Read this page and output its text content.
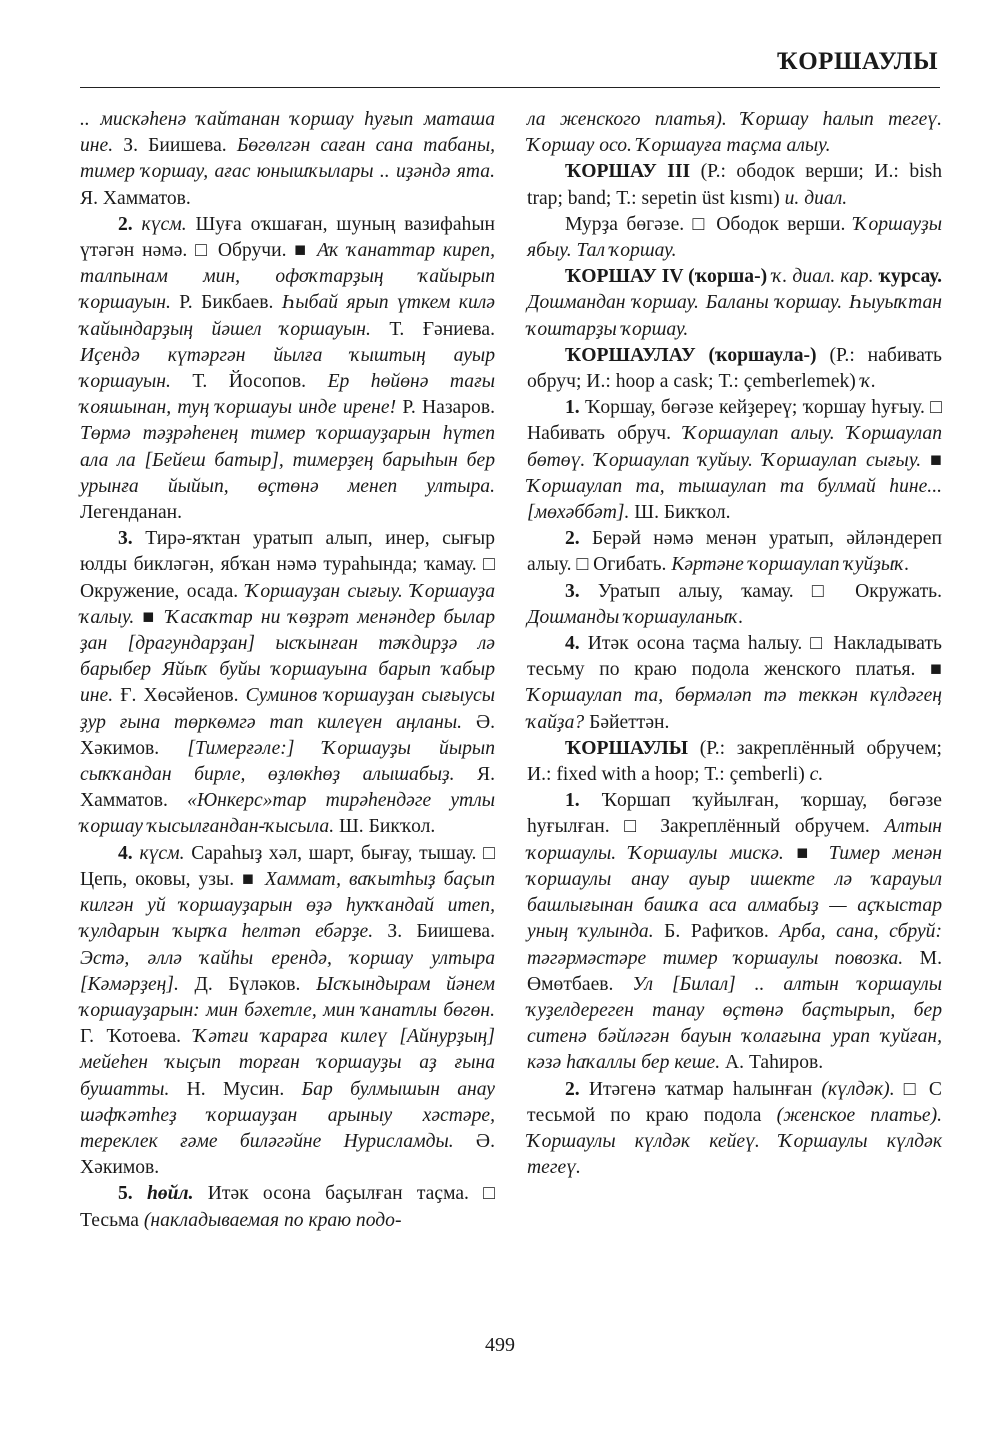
ҠОРШАУЛЫ

.. мискәһенә ҡайтанан ҡоршау һуғып маташа ине. З. Биишева. Бөгөлгән саған сана табаны, тимер ҡоршау, ағас юнышҡылары .. иҙәндә ята. Я. Хамматов.

2. күсм. Шуға оҡшаған, шуның вазифаһын үтәгән нәмә. □ Обручи. ■ Аҡ ҡанаттар киреп, талпынам мин, офоҡтарҙың ҡайырып ҡоршауын. Р. Бикбаев. Һыбай ярып үткем килә ҡайындарҙың йәшел ҡоршауын. Т. Ғәниева. Иҫендә күтәргән йылға ҡыштың ауыр ҡоршауын. Т. Йосопов. Ер һөйөнә тағы ҡояшынан, туң ҡоршауы инде ирене! Р. Назаров. Төрмә тәҙрәһенең тимер ҡоршауҙарын һүтеп ала ла [Бейеш батыр], тимерҙең барыһын бер урынға йыйып, өҫтөнә менеп ултыра. Легенданан.

3. Тирә-яҡтан уратып алып, инер, сығыр юлды бикләгән, ябҡан нәмә тураһында; ҡамау. □ Окружение, осада. Ҡоршауҙан сығыу. Ҡоршауҙа ҡалыу. ■ Ҡасаҡтар ни ҡөҙрәт менәндер былар ҙан [драгундарҙан] ысҡынған тәҡдирҙә лә барыбер Яйыҡ буйы ҡоршауына барып ҡабыр ине. Ғ. Хөсәйенов. Суминов ҡоршауҙан сығыусы ҙур ғына төркөмгә тап килеүен аңланы. Ә. Хәкимов. [Тимерғәле:] Ҡоршауҙы йырып сыҡҡандан бирле, өҙлөкһөҙ алышабыҙ. Я. Хамматов. «Юнкерс»тар тирәһендәге утлы ҡоршау ҡысылғандан-ҡысыла. Ш. Бикҡол.

4. күсм. Сараһыҙ хәл, шарт, бығау, тышау. □ Цепь, оковы, узы. ■ Хаммат, ваҡытһыҙ баҫып килгән уй ҡоршауҙарын өҙә һуҡҡандай итеп, ҡулдарын ҡырҡа һелтәп ебәрҙе. З. Биишева. Эстә, әллә ҡайһы ерендә, ҡоршау ултыра [Кәмәрҙең]. Д. Бүләков. Ысҡындырам йәнем ҡоршауҙарын: мин бәхетле, мин ҡанатлы бөгөн. Г. Ҡотоева. Ҡәтғи ҡарарға килеү [Айнурҙың] мейеһен ҡыҫып торған ҡоршауҙы аҙ ғына бушатты. Н. Мусин. Бар булмышын анау шәфҡәтһеҙ ҡоршауҙан арыныу хәстәре, тереклек ғәме биләгәйне Нурисламды. Ә. Хәкимов.

5. һөйл. Итәк осона баҫылған таҫма. □ Тесьма (накладываемая по краю подо-

ла женского платья). Ҡоршау һалып тегеү. Ҡоршау осо. Ҡоршауға таҫма алыу.

ҠОРШАУ III (Р.: ободок верши; И.: bish trap; band; Т.: sepetin üst kısmı) и. диал.

Мурҙа бөгәзе. □ Ободок верши. Ҡоршауҙы ябыу. Тал ҡоршау.

ҠОРШАУ IV (ҡорша-) ҡ. диал. кар. ҡурсау. Дошмандан ҡоршау. Баланы ҡоршау. Һыуыҡтан ҡоштарҙы ҡоршау.

ҠОРШАУЛАУ (ҡоршаула-) (Р.: набивать обруч; И.: hoop a cask; Т.: çemberlemek) ҡ.

1. Ҡоршау, бөгәзе кейҙереү; ҡоршау һуғыу. □ Набивать обруч. Ҡоршаулап алыу. Ҡоршаулап бөтөү. Ҡоршаулап ҡуйыу. Ҡоршаулап сығыу. ■ Ҡоршаулап та, тышаулап та булмай һине... [мөхәббәт]. Ш. Бикҡол.

2. Берәй нәмә менән уратып, әйләндереп алыу. □ Огибать. Кәртәне ҡоршаулап ҡуйҙыҡ.

3. Уратып алыу, ҡамау. □ Окружать. Дошманды ҡоршауланыҡ.

4. Итәк осона таҫма һалыу. □ Накладывать тесьму по краю подола женского платья. ■ Ҡоршаулап та, бөрмәләп тә теккән күлдәгең ҡайҙа? Бәйеттән.

ҠОРШАУЛЫ (Р.: закреплённый обручем; И.: fixed with a hoop; Т.: çemberli) с.

1. Ҡоршап ҡуйылған, ҡоршау, бөгәзе һуғылған. □ Закреплённый обручем. Алтын ҡоршаулы. Ҡоршаулы мискә. ■ Тимер менән ҡоршаулы анау ауыр ишекте лә ҡарауыл башлығынан башҡа аса алмабыҙ — аҫҡыстар уның ҡулында. Б. Рафиҡов. Арба, сана, сбруй: тәгәрмәстәре тимер ҡоршаулы повозка. М. Өмөтбаев. Ул [Билал] .. алтын ҡоршаулы ҡуҙелдереген танау өҫтөнә баҫтырып, бер ситенә бәйләгән бауын ҡолағына урап ҡуйған, кәзә һаҡаллы бер кеше. А. Таһиров.

2. Итәгенә ҡатмар һалынған (күлдәк). □ С тесьмой по краю подола (женское платье). Ҡоршаулы күлдәк кейеү. Ҡоршаулы күлдәк тегеү.

499
